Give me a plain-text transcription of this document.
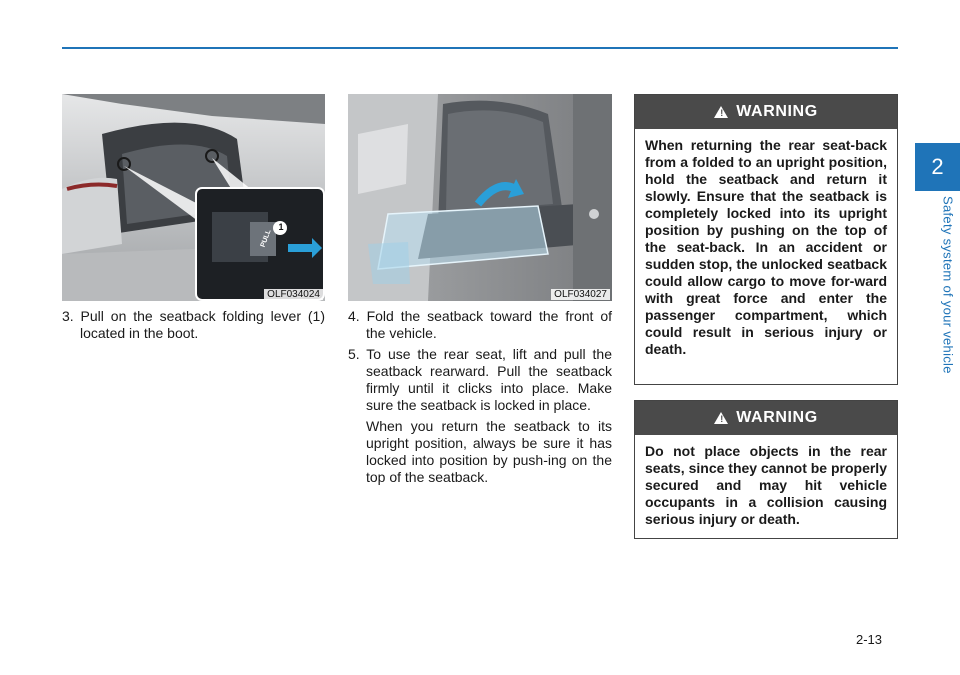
2
Safety system of your vehicle
PULL
1
OLF034024	OLF034027

3. Pull on the seatback folding lever (1) located in the boot.

4. Fold the seatback toward the front of the vehicle.

5. To use the rear seat, lift and pull the seatback rearward. Pull the seatback firmly until it clicks into place. Make sure the seatback is locked in place.

When you return the seatback to its upright position, always be sure it has locked into position by push-ing on the top of the seatback.

! WARNING

When returning the rear seat-back from a folded to an upright position, hold the seatback and return it slowly. Ensure that the seatback is completely locked into its upright position by pushing on the top of the seat-back. In an accident or sudden stop, the unlocked seatback could allow cargo to move for-ward with great force and enter the passenger compartment, which could result in serious injury or death.

! WARNING

Do not place objects in the rear seats, since they cannot be properly secured and may hit vehicle occupants in a collision causing serious injury or death.

2-13
